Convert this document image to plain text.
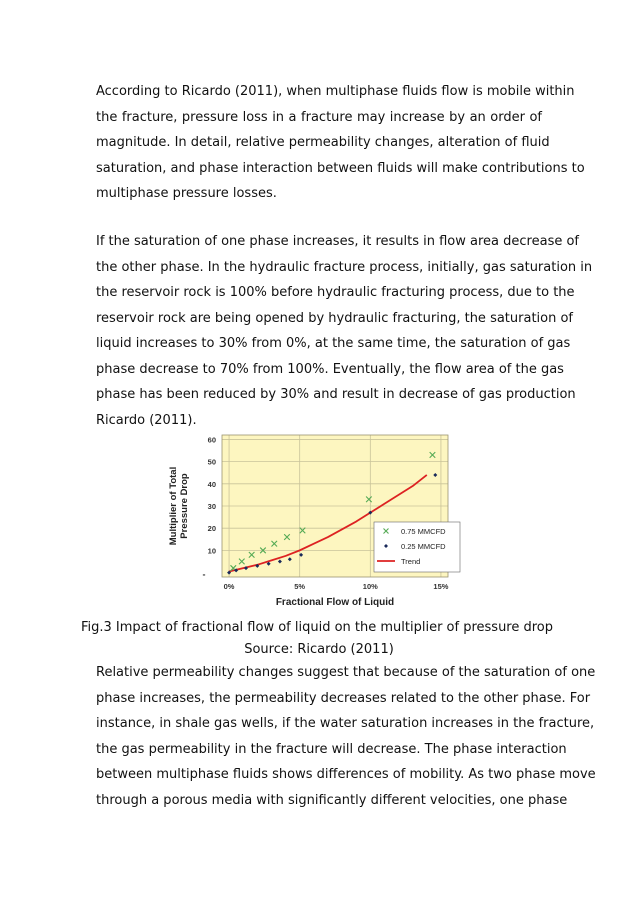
According to Ricardo (2011), when multiphase fluids flow is mobile within
the fracture, pressure loss in a fracture may increase by an order of
magnitude. In detail, relative permeability changes, alteration of fluid
saturation, and phase interaction between fluids will make contributions to
multiphase pressure losses.
If the saturation of one phase increases, it results in flow area decrease of
the other phase. In the hydraulic fracture process, initially, gas saturation in
the reservoir rock is 100% before hydraulic fracturing process, due to the
reservoir rock are being opened by hydraulic fracturing, the saturation of
liquid increases to 30% from 0%, at the same time, the saturation of gas
phase decrease to 70% from 100%. Eventually, the flow area of the gas
phase has been reduced by 30% and result in decrease of gas production
Ricardo (2011).
10
20
30
40
50
60
-
0%	5%	10%	15%
Fractional Flow of Liquid
Multiplier of TotalPressure Drop	0.75 MMCFD
0.25 MMCFD
Trend
Fig.3 Impact of fractional flow of liquid on the multiplier of pressure drop
Source: Ricardo (2011)
Relative permeability changes suggest that because of the saturation of one
phase increases, the permeability decreases related to the other phase. For
instance, in shale gas wells, if the water saturation increases in the fracture,
the gas permeability in the fracture will decrease. The phase interaction
between multiphase fluids shows differences of mobility. As two phase move
through a porous media with significantly different velocities, one phase
